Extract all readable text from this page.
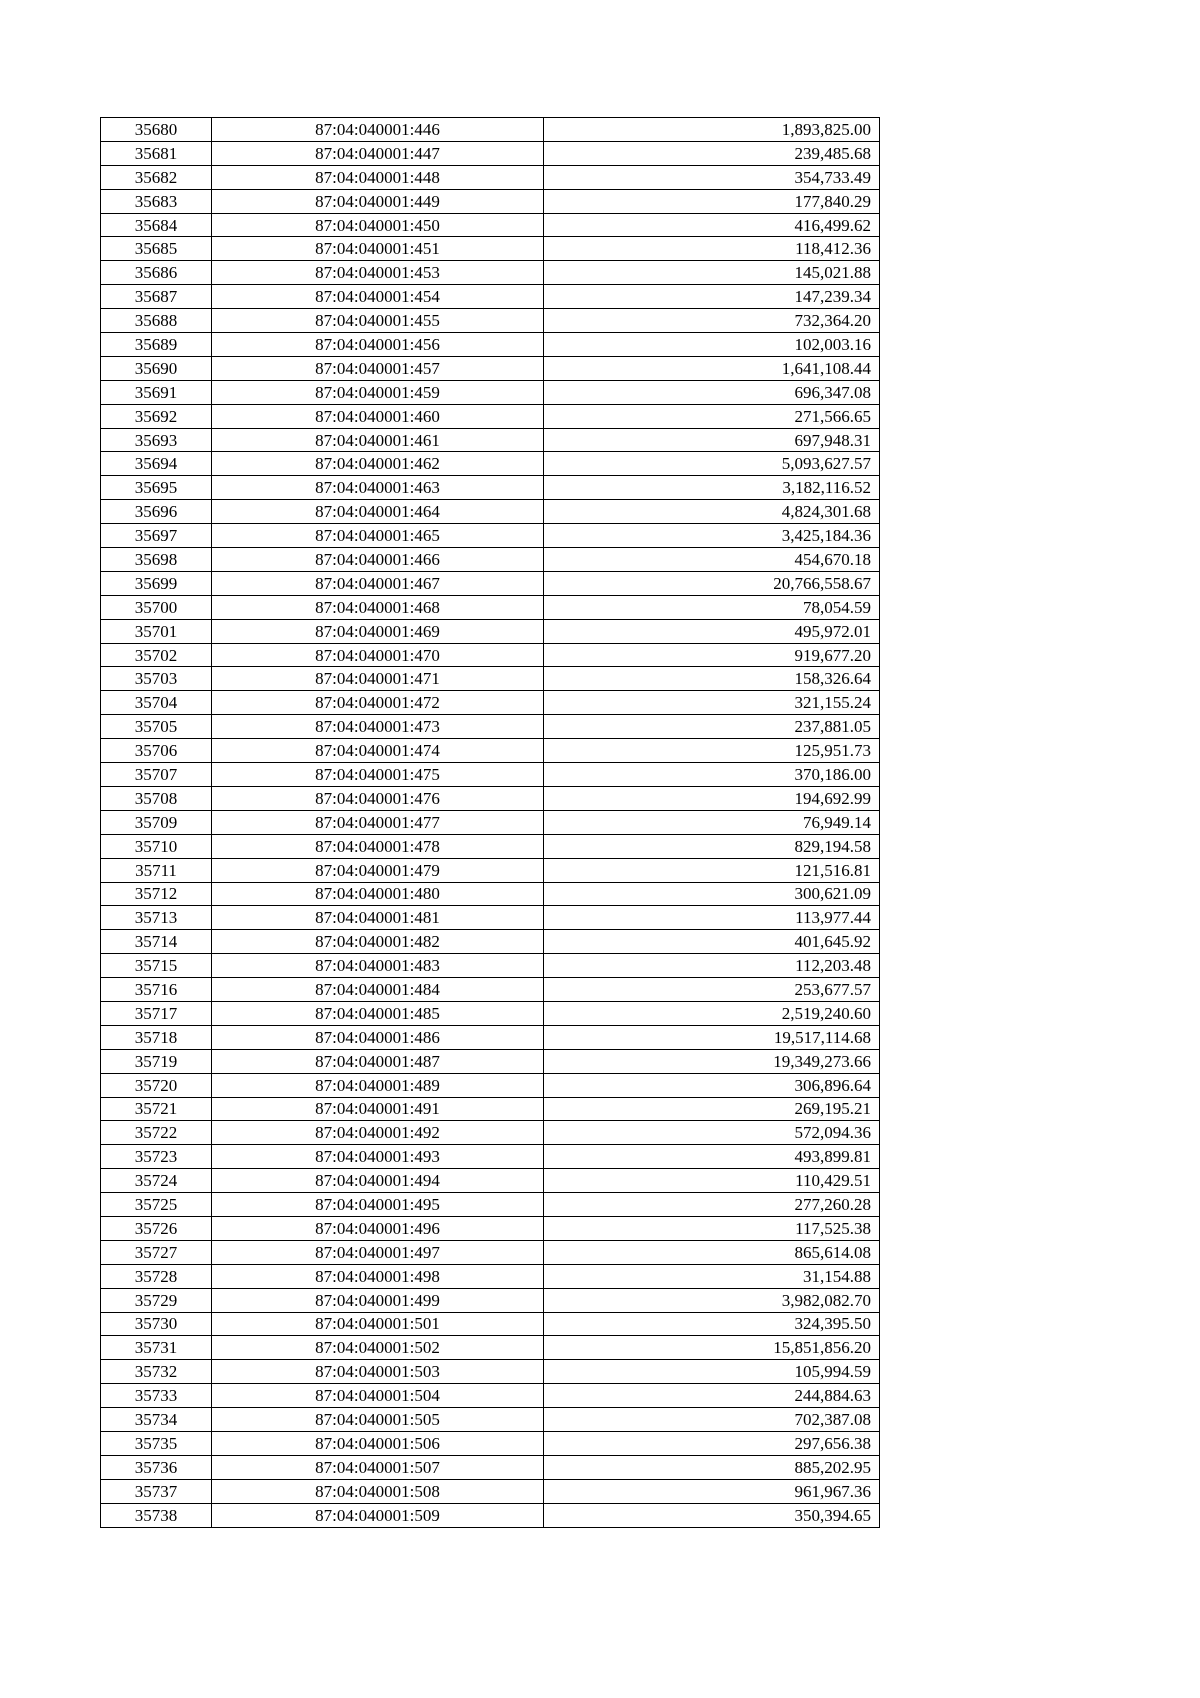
35680	87:04:040001:446	1,893,825.00
35681	87:04:040001:447	239,485.68
35682	87:04:040001:448	354,733.49
35683	87:04:040001:449	177,840.29
35684	87:04:040001:450	416,499.62
35685	87:04:040001:451	118,412.36
35686	87:04:040001:453	145,021.88
35687	87:04:040001:454	147,239.34
35688	87:04:040001:455	732,364.20
35689	87:04:040001:456	102,003.16
35690	87:04:040001:457	1,641,108.44
35691	87:04:040001:459	696,347.08
35692	87:04:040001:460	271,566.65
35693	87:04:040001:461	697,948.31
35694	87:04:040001:462	5,093,627.57
35695	87:04:040001:463	3,182,116.52
35696	87:04:040001:464	4,824,301.68
35697	87:04:040001:465	3,425,184.36
35698	87:04:040001:466	454,670.18
35699	87:04:040001:467	20,766,558.67
35700	87:04:040001:468	78,054.59
35701	87:04:040001:469	495,972.01
35702	87:04:040001:470	919,677.20
35703	87:04:040001:471	158,326.64
35704	87:04:040001:472	321,155.24
35705	87:04:040001:473	237,881.05
35706	87:04:040001:474	125,951.73
35707	87:04:040001:475	370,186.00
35708	87:04:040001:476	194,692.99
35709	87:04:040001:477	76,949.14
35710	87:04:040001:478	829,194.58
35711	87:04:040001:479	121,516.81
35712	87:04:040001:480	300,621.09
35713	87:04:040001:481	113,977.44
35714	87:04:040001:482	401,645.92
35715	87:04:040001:483	112,203.48
35716	87:04:040001:484	253,677.57
35717	87:04:040001:485	2,519,240.60
35718	87:04:040001:486	19,517,114.68
35719	87:04:040001:487	19,349,273.66
35720	87:04:040001:489	306,896.64
35721	87:04:040001:491	269,195.21
35722	87:04:040001:492	572,094.36
35723	87:04:040001:493	493,899.81
35724	87:04:040001:494	110,429.51
35725	87:04:040001:495	277,260.28
35726	87:04:040001:496	117,525.38
35727	87:04:040001:497	865,614.08
35728	87:04:040001:498	31,154.88
35729	87:04:040001:499	3,982,082.70
35730	87:04:040001:501	324,395.50
35731	87:04:040001:502	15,851,856.20
35732	87:04:040001:503	105,994.59
35733	87:04:040001:504	244,884.63
35734	87:04:040001:505	702,387.08
35735	87:04:040001:506	297,656.38
35736	87:04:040001:507	885,202.95
35737	87:04:040001:508	961,967.36
35738	87:04:040001:509	350,394.65
